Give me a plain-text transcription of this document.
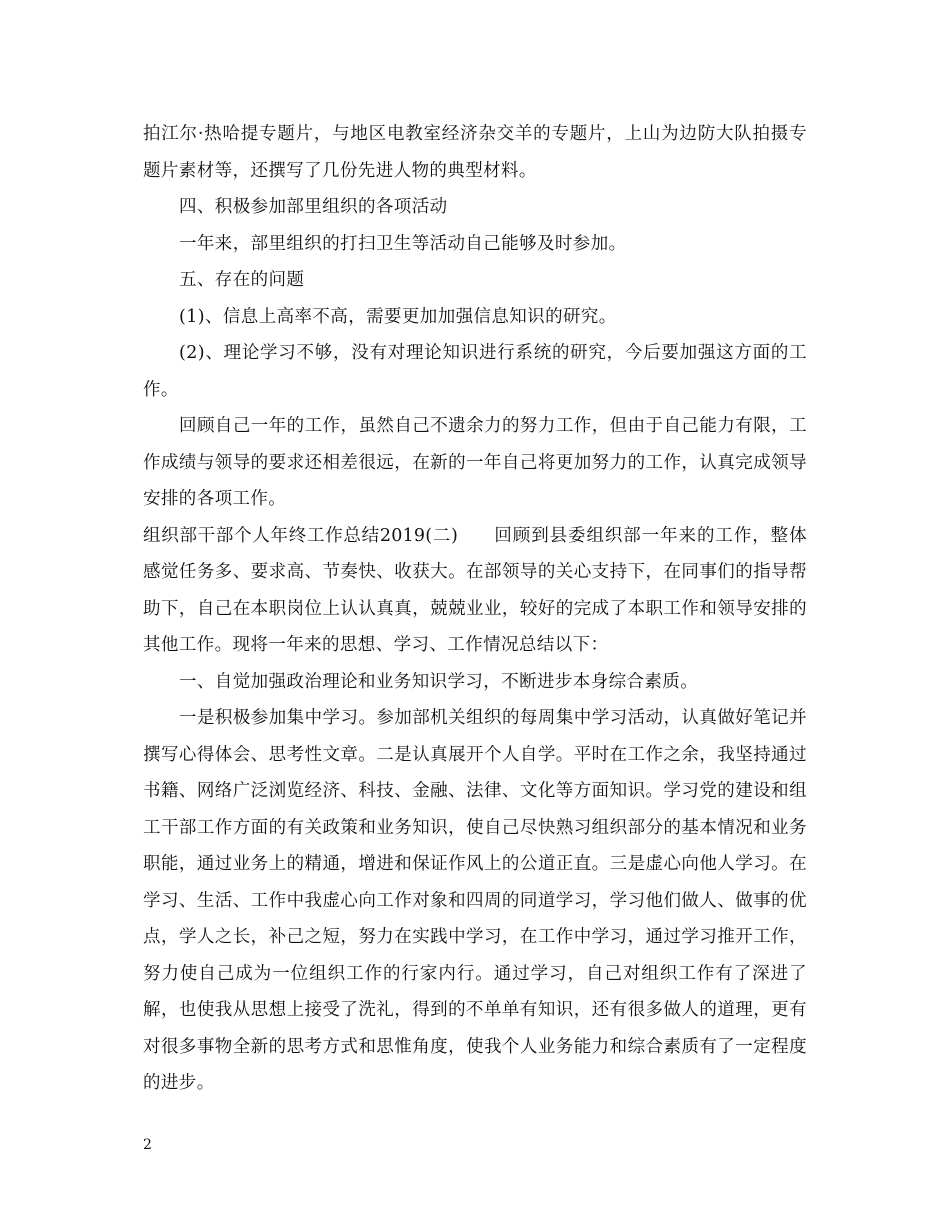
拍江尔·热哈提专题片，与地区电教室经济杂交羊的专题片，上山为边防大队拍摄专题片素材等，还撰写了几份先进人物的典型材料。

四、积极参加部里组织的各项活动

一年来，部里组织的打扫卫生等活动自己能够及时参加。

五、存在的问题

(1)、信息上高率不高，需要更加加强信息知识的研究。

(2)、理论学习不够，没有对理论知识进行系统的研究，今后要加强这方面的工作。

回顾自己一年的工作，虽然自己不遗余力的努力工作，但由于自己能力有限，工作成绩与领导的要求还相差很远，在新的一年自己将更加努力的工作，认真完成领导安排的各项工作。

组织部干部个人年终工作总结2019(二)   回顾到县委组织部一年来的工作，整体感觉任务多、要求高、节奏快、收获大。在部领导的关心支持下，在同事们的指导帮助下，自己在本职岗位上认认真真，兢兢业业，较好的完成了本职工作和领导安排的其他工作。现将一年来的思想、学习、工作情况总结以下：

一、自觉加强政治理论和业务知识学习，不断进步本身综合素质。

一是积极参加集中学习。参加部机关组织的每周集中学习活动，认真做好笔记并撰写心得体会、思考性文章。二是认真展开个人自学。平时在工作之余，我坚持通过书籍、网络广泛浏览经济、科技、金融、法律、文化等方面知识。学习党的建设和组工干部工作方面的有关政策和业务知识，使自己尽快熟习组织部分的基本情况和业务职能，通过业务上的精通，增进和保证作风上的公道正直。三是虚心向他人学习。在学习、生活、工作中我虚心向工作对象和四周的同道学习，学习他们做人、做事的优点，学人之长，补己之短，努力在实践中学习，在工作中学习，通过学习推开工作，努力使自己成为一位组织工作的行家内行。通过学习，自己对组织工作有了深进了解，也使我从思想上接受了洗礼，得到的不单单有知识，还有很多做人的道理，更有对很多事物全新的思考方式和思惟角度，使我个人业务能力和综合素质有了一定程度的进步。

2
